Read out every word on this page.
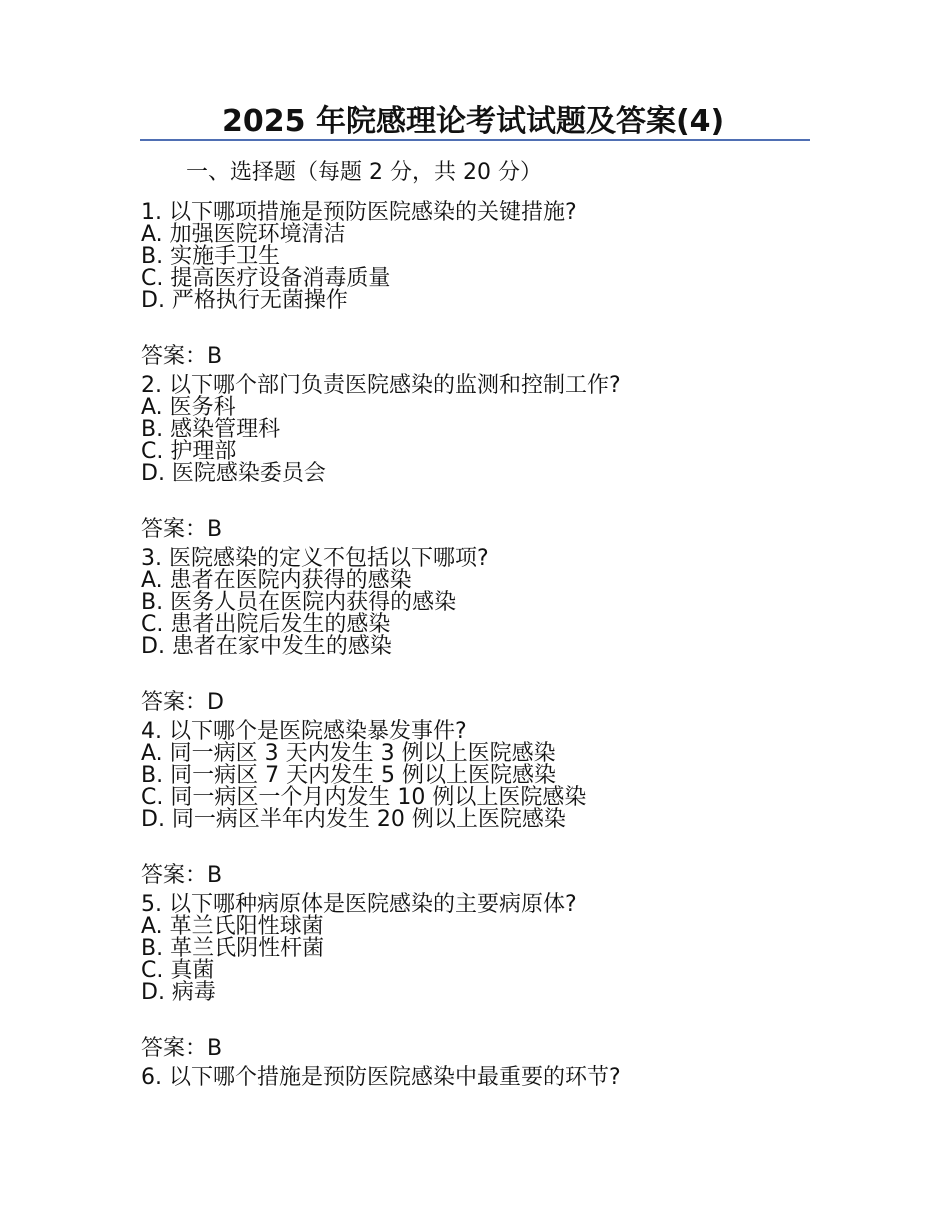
2025 年院感理论考试试题及答案(4)
一、选择题（每题 2 分，共 20 分）
1. 以下哪项措施是预防医院感染的关键措施?
A. 加强医院环境清洁
B. 实施手卫生
C. 提高医疗设备消毒质量
D. 严格执行无菌操作
答案：B
2. 以下哪个部门负责医院感染的监测和控制工作?
A. 医务科
B. 感染管理科
C. 护理部
D. 医院感染委员会
答案：B
3. 医院感染的定义不包括以下哪项?
A. 患者在医院内获得的感染
B. 医务人员在医院内获得的感染
C. 患者出院后发生的感染
D. 患者在家中发生的感染
答案：D
4. 以下哪个是医院感染暴发事件?
A. 同一病区 3 天内发生 3 例以上医院感染
B. 同一病区 7 天内发生 5 例以上医院感染
C. 同一病区一个月内发生 10 例以上医院感染
D. 同一病区半年内发生 20 例以上医院感染
答案：B
5. 以下哪种病原体是医院感染的主要病原体?
A. 革兰氏阳性球菌
B. 革兰氏阴性杆菌
C. 真菌
D. 病毒
答案：B
6. 以下哪个措施是预防医院感染中最重要的环节?
